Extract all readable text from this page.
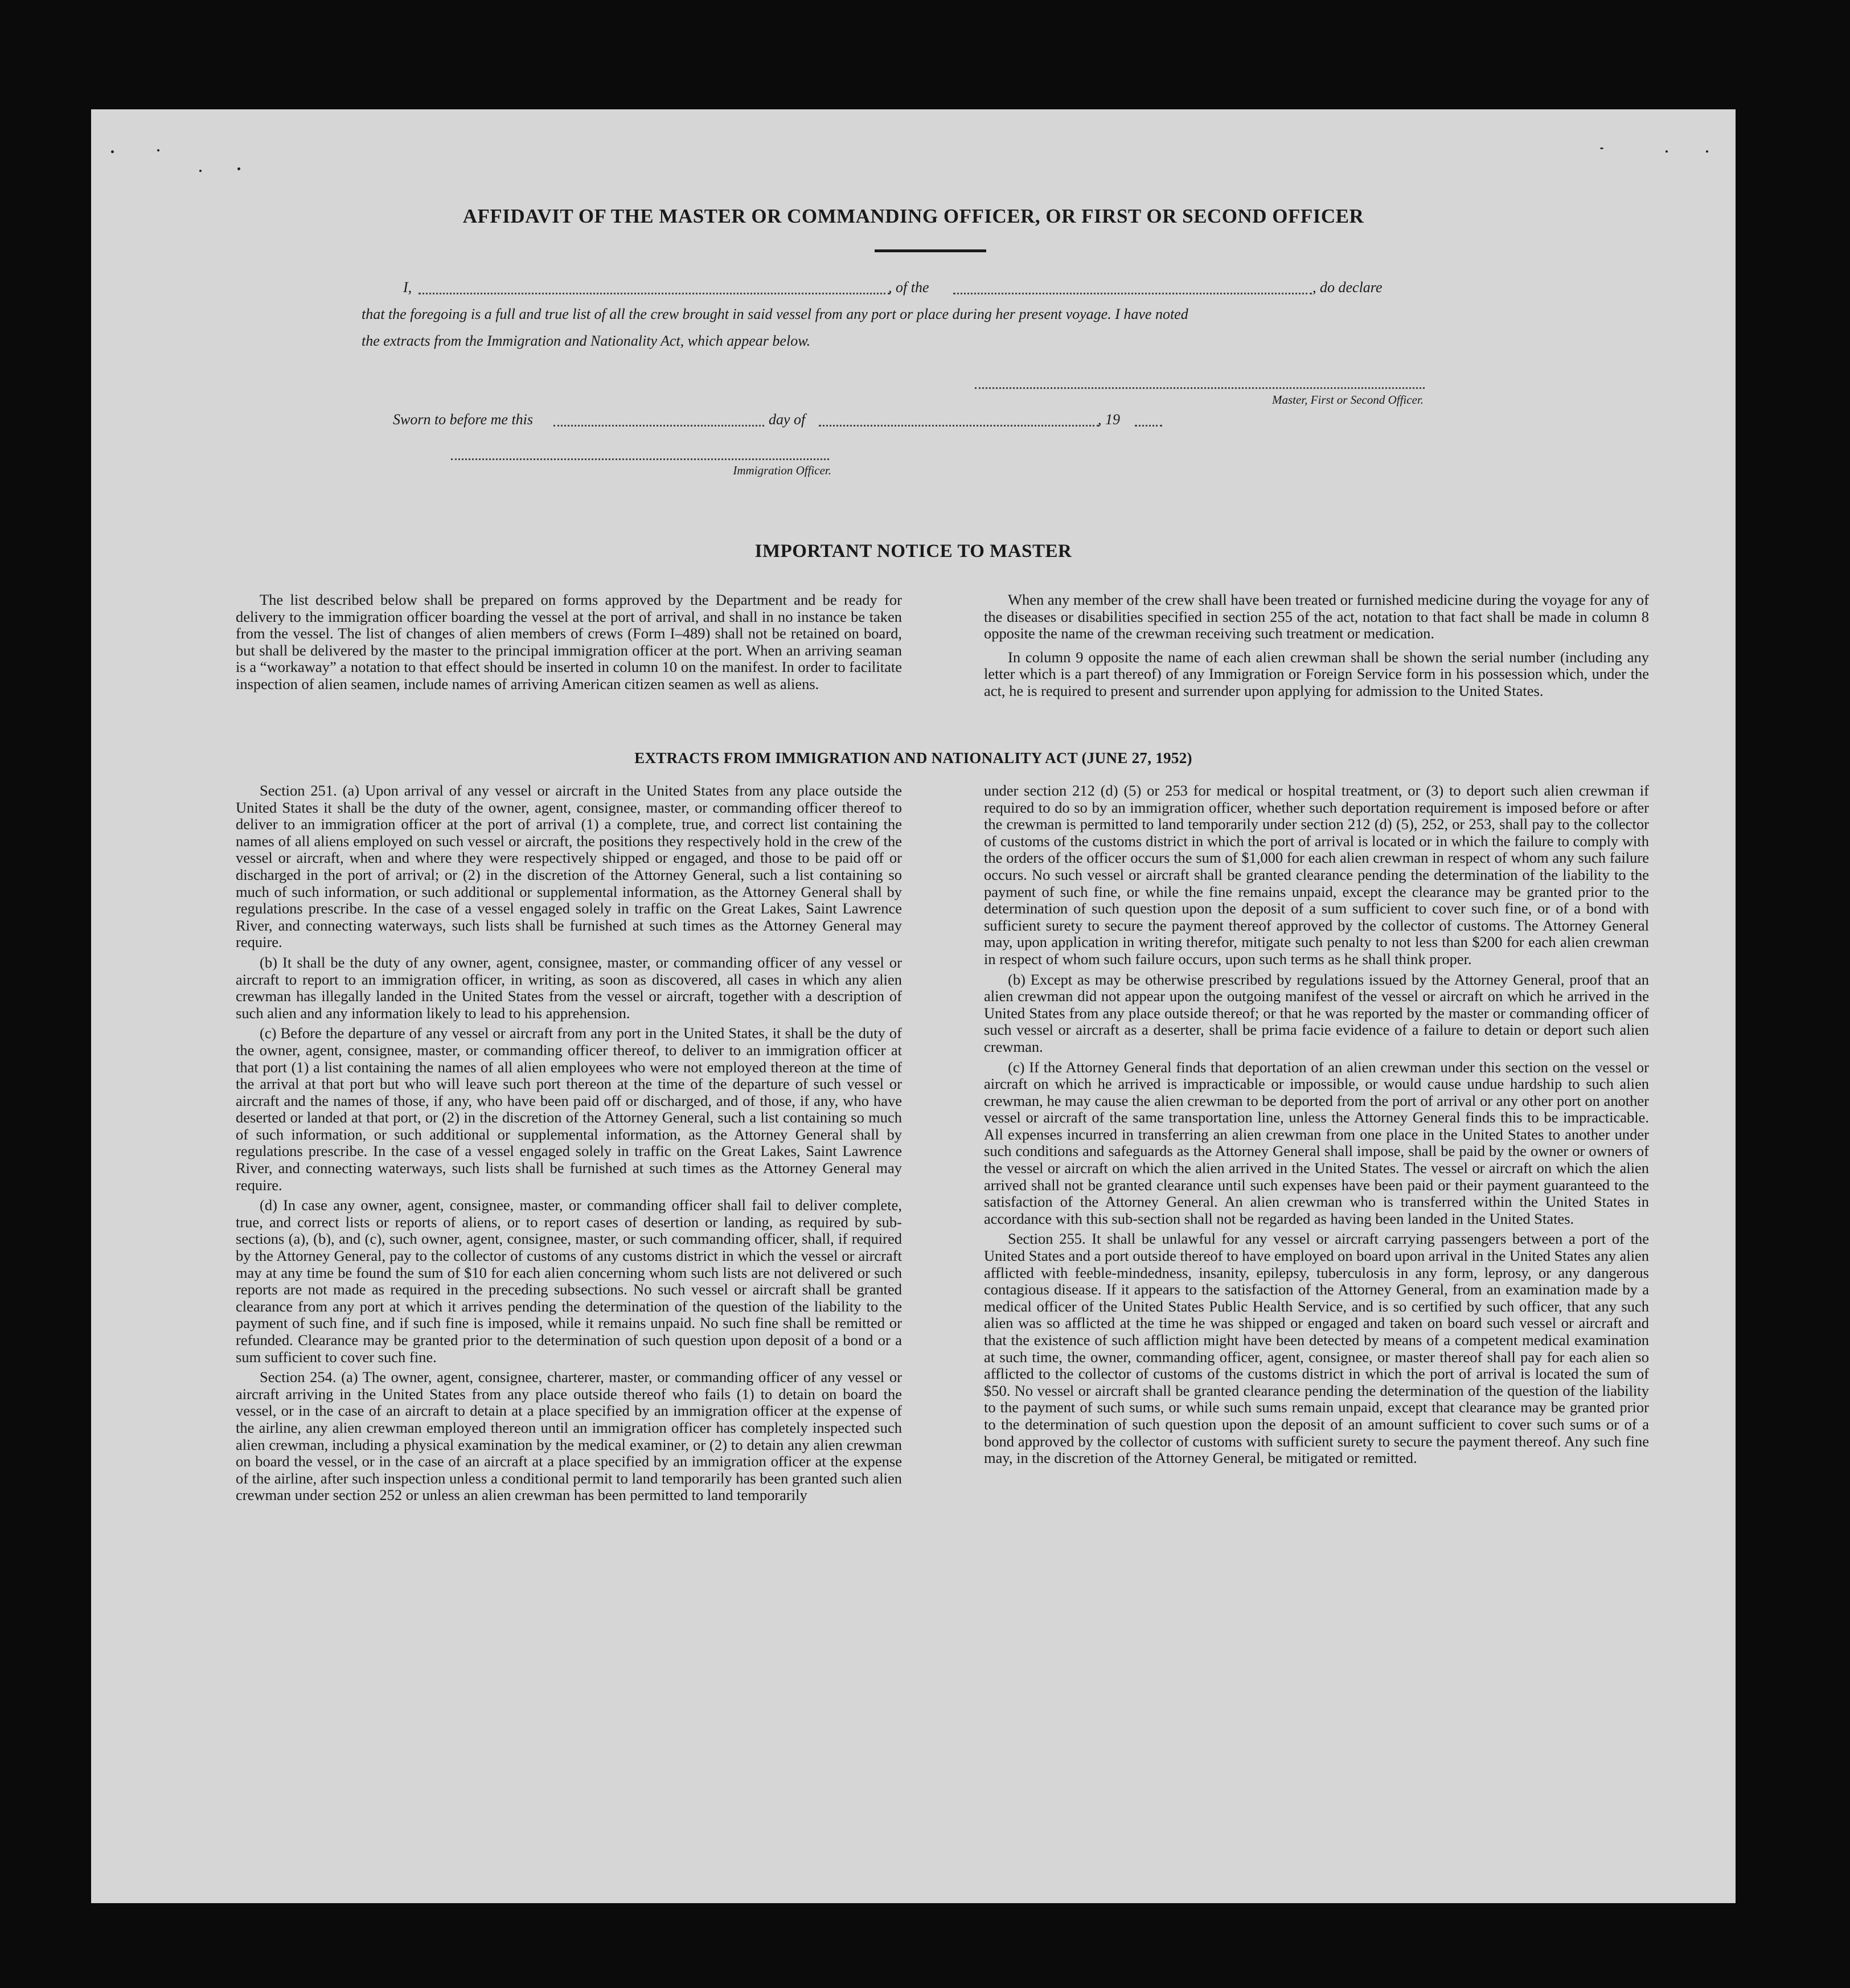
AFFIDAVIT OF THE MASTER OR COMMANDING OFFICER, OR FIRST OR SECOND OFFICER
I,	, of the	, do declare
that the foregoing is a full and true list of all the crew brought in said vessel from any port or place during her present voyage. I have noted
the extracts from the Immigration and Nationality Act, which appear below.
Master, First or Second Officer.
Sworn to before me this	day of	, 19
Immigration Officer.
IMPORTANT NOTICE TO MASTER

The list described below shall be prepared on forms approved by the Department and be ready for delivery to the immigration officer boarding the vessel at the port of arrival, and shall in no instance be taken from the vessel. The list of changes of alien members of crews (Form I–489) shall not be retained on board, but shall be delivered by the master to the principal immigration officer at the port. When an arriving seaman is a “workaway” a notation to that effect should be inserted in column 10 on the manifest. In order to facilitate inspection of alien seamen, include names of arriving American citizen seamen as well as aliens.

When any member of the crew shall have been treated or furnished medicine during the voyage for any of the diseases or disabilities specified in section 255 of the act, notation to that fact shall be made in column 8 opposite the name of the crewman receiving such treatment or medication.

In column 9 opposite the name of each alien crewman shall be shown the serial number (including any letter which is a part thereof) of any Immigration or Foreign Service form in his possession which, under the act, he is required to present and surrender upon applying for admission to the United States.

EXTRACTS FROM IMMIGRATION AND NATIONALITY ACT (JUNE 27, 1952)

Section 251. (a) Upon arrival of any vessel or aircraft in the United States from any place outside the United States it shall be the duty of the owner, agent, consignee, master, or commanding officer thereof to deliver to an immigration officer at the port of arrival (1) a complete, true, and correct list containing the names of all aliens employed on such vessel or aircraft, the positions they respectively hold in the crew of the vessel or aircraft, when and where they were respectively shipped or engaged, and those to be paid off or discharged in the port of arrival; or (2) in the discretion of the Attorney General, such a list containing so much of such information, or such additional or supplemental information, as the Attorney General shall by regulations prescribe. In the case of a vessel engaged solely in traffic on the Great Lakes, Saint Lawrence River, and connecting waterways, such lists shall be furnished at such times as the Attorney General may require.

(b) It shall be the duty of any owner, agent, consignee, master, or commanding officer of any vessel or aircraft to report to an immigration officer, in writing, as soon as discovered, all cases in which any alien crewman has illegally landed in the United States from the vessel or aircraft, together with a description of such alien and any information likely to lead to his apprehension.

(c) Before the departure of any vessel or aircraft from any port in the United States, it shall be the duty of the owner, agent, consignee, master, or commanding officer thereof, to deliver to an immigration officer at that port (1) a list containing the names of all alien employees who were not employed thereon at the time of the arrival at that port but who will leave such port thereon at the time of the departure of such vessel or aircraft and the names of those, if any, who have been paid off or discharged, and of those, if any, who have deserted or landed at that port, or (2) in the discretion of the Attorney General, such a list containing so much of such information, or such additional or supplemental information, as the Attorney General shall by regulations prescribe. In the case of a vessel engaged solely in traffic on the Great Lakes, Saint Lawrence River, and connecting waterways, such lists shall be furnished at such times as the Attorney General may require.

(d) In case any owner, agent, consignee, master, or commanding officer shall fail to deliver complete, true, and correct lists or reports of aliens, or to report cases of desertion or landing, as required by sub-sections (a), (b), and (c), such owner, agent, consignee, master, or such commanding officer, shall, if required by the Attorney General, pay to the collector of customs of any customs district in which the vessel or aircraft may at any time be found the sum of $10 for each alien concerning whom such lists are not delivered or such reports are not made as required in the preceding subsections. No such vessel or aircraft shall be granted clearance from any port at which it arrives pending the determination of the question of the liability to the payment of such fine, and if such fine is imposed, while it remains unpaid. No such fine shall be remitted or refunded. Clearance may be granted prior to the determination of such question upon deposit of a bond or a sum sufficient to cover such fine.

Section 254. (a) The owner, agent, consignee, charterer, master, or commanding officer of any vessel or aircraft arriving in the United States from any place outside thereof who fails (1) to detain on board the vessel, or in the case of an aircraft to detain at a place specified by an immigration officer at the expense of the airline, any alien crewman employed thereon until an immigration officer has completely inspected such alien crewman, including a physical examination by the medical examiner, or (2) to detain any alien crewman on board the vessel, or in the case of an aircraft at a place specified by an immigration officer at the expense of the airline, after such inspection unless a conditional permit to land temporarily has been granted such alien crewman under section 252 or unless an alien crewman has been permitted to land temporarily

under section 212 (d) (5) or 253 for medical or hospital treatment, or (3) to deport such alien crewman if required to do so by an immigration officer, whether such deportation requirement is imposed before or after the crewman is permitted to land temporarily under section 212 (d) (5), 252, or 253, shall pay to the collector of customs of the customs district in which the port of arrival is located or in which the failure to comply with the orders of the officer occurs the sum of $1,000 for each alien crewman in respect of whom any such failure occurs. No such vessel or aircraft shall be granted clearance pending the determination of the liability to the payment of such fine, or while the fine remains unpaid, except the clearance may be granted prior to the determination of such question upon the deposit of a sum sufficient to cover such fine, or of a bond with sufficient surety to secure the payment thereof approved by the collector of customs. The Attorney General may, upon application in writing therefor, mitigate such penalty to not less than $200 for each alien crewman in respect of whom such failure occurs, upon such terms as he shall think proper.

(b) Except as may be otherwise prescribed by regulations issued by the Attorney General, proof that an alien crewman did not appear upon the outgoing manifest of the vessel or aircraft on which he arrived in the United States from any place outside thereof; or that he was reported by the master or commanding officer of such vessel or aircraft as a deserter, shall be prima facie evidence of a failure to detain or deport such alien crewman.

(c) If the Attorney General finds that deportation of an alien crewman under this section on the vessel or aircraft on which he arrived is impracticable or impossible, or would cause undue hardship to such alien crewman, he may cause the alien crewman to be deported from the port of arrival or any other port on another vessel or aircraft of the same transportation line, unless the Attorney General finds this to be impracticable. All expenses incurred in transferring an alien crewman from one place in the United States to another under such conditions and safeguards as the Attorney General shall impose, shall be paid by the owner or owners of the vessel or aircraft on which the alien arrived in the United States. The vessel or aircraft on which the alien arrived shall not be granted clearance until such expenses have been paid or their payment guaranteed to the satisfaction of the Attorney General. An alien crewman who is transferred within the United States in accordance with this sub-section shall not be regarded as having been landed in the United States.

Section 255. It shall be unlawful for any vessel or aircraft carrying passengers between a port of the United States and a port outside thereof to have employed on board upon arrival in the United States any alien afflicted with feeble-mindedness, insanity, epilepsy, tuberculosis in any form, leprosy, or any dangerous contagious disease. If it appears to the satisfaction of the Attorney General, from an examination made by a medical officer of the United States Public Health Service, and is so certified by such officer, that any such alien was so afflicted at the time he was shipped or engaged and taken on board such vessel or aircraft and that the existence of such affliction might have been detected by means of a competent medical examination at such time, the owner, commanding officer, agent, consignee, or master thereof shall pay for each alien so afflicted to the collector of customs of the customs district in which the port of arrival is located the sum of $50. No vessel or aircraft shall be granted clearance pending the determination of the question of the liability to the payment of such sums, or while such sums remain unpaid, except that clearance may be granted prior to the determination of such question upon the deposit of an amount sufficient to cover such sums or of a bond approved by the collector of customs with sufficient surety to secure the payment thereof. Any such fine may, in the discretion of the Attorney General, be mitigated or remitted.
